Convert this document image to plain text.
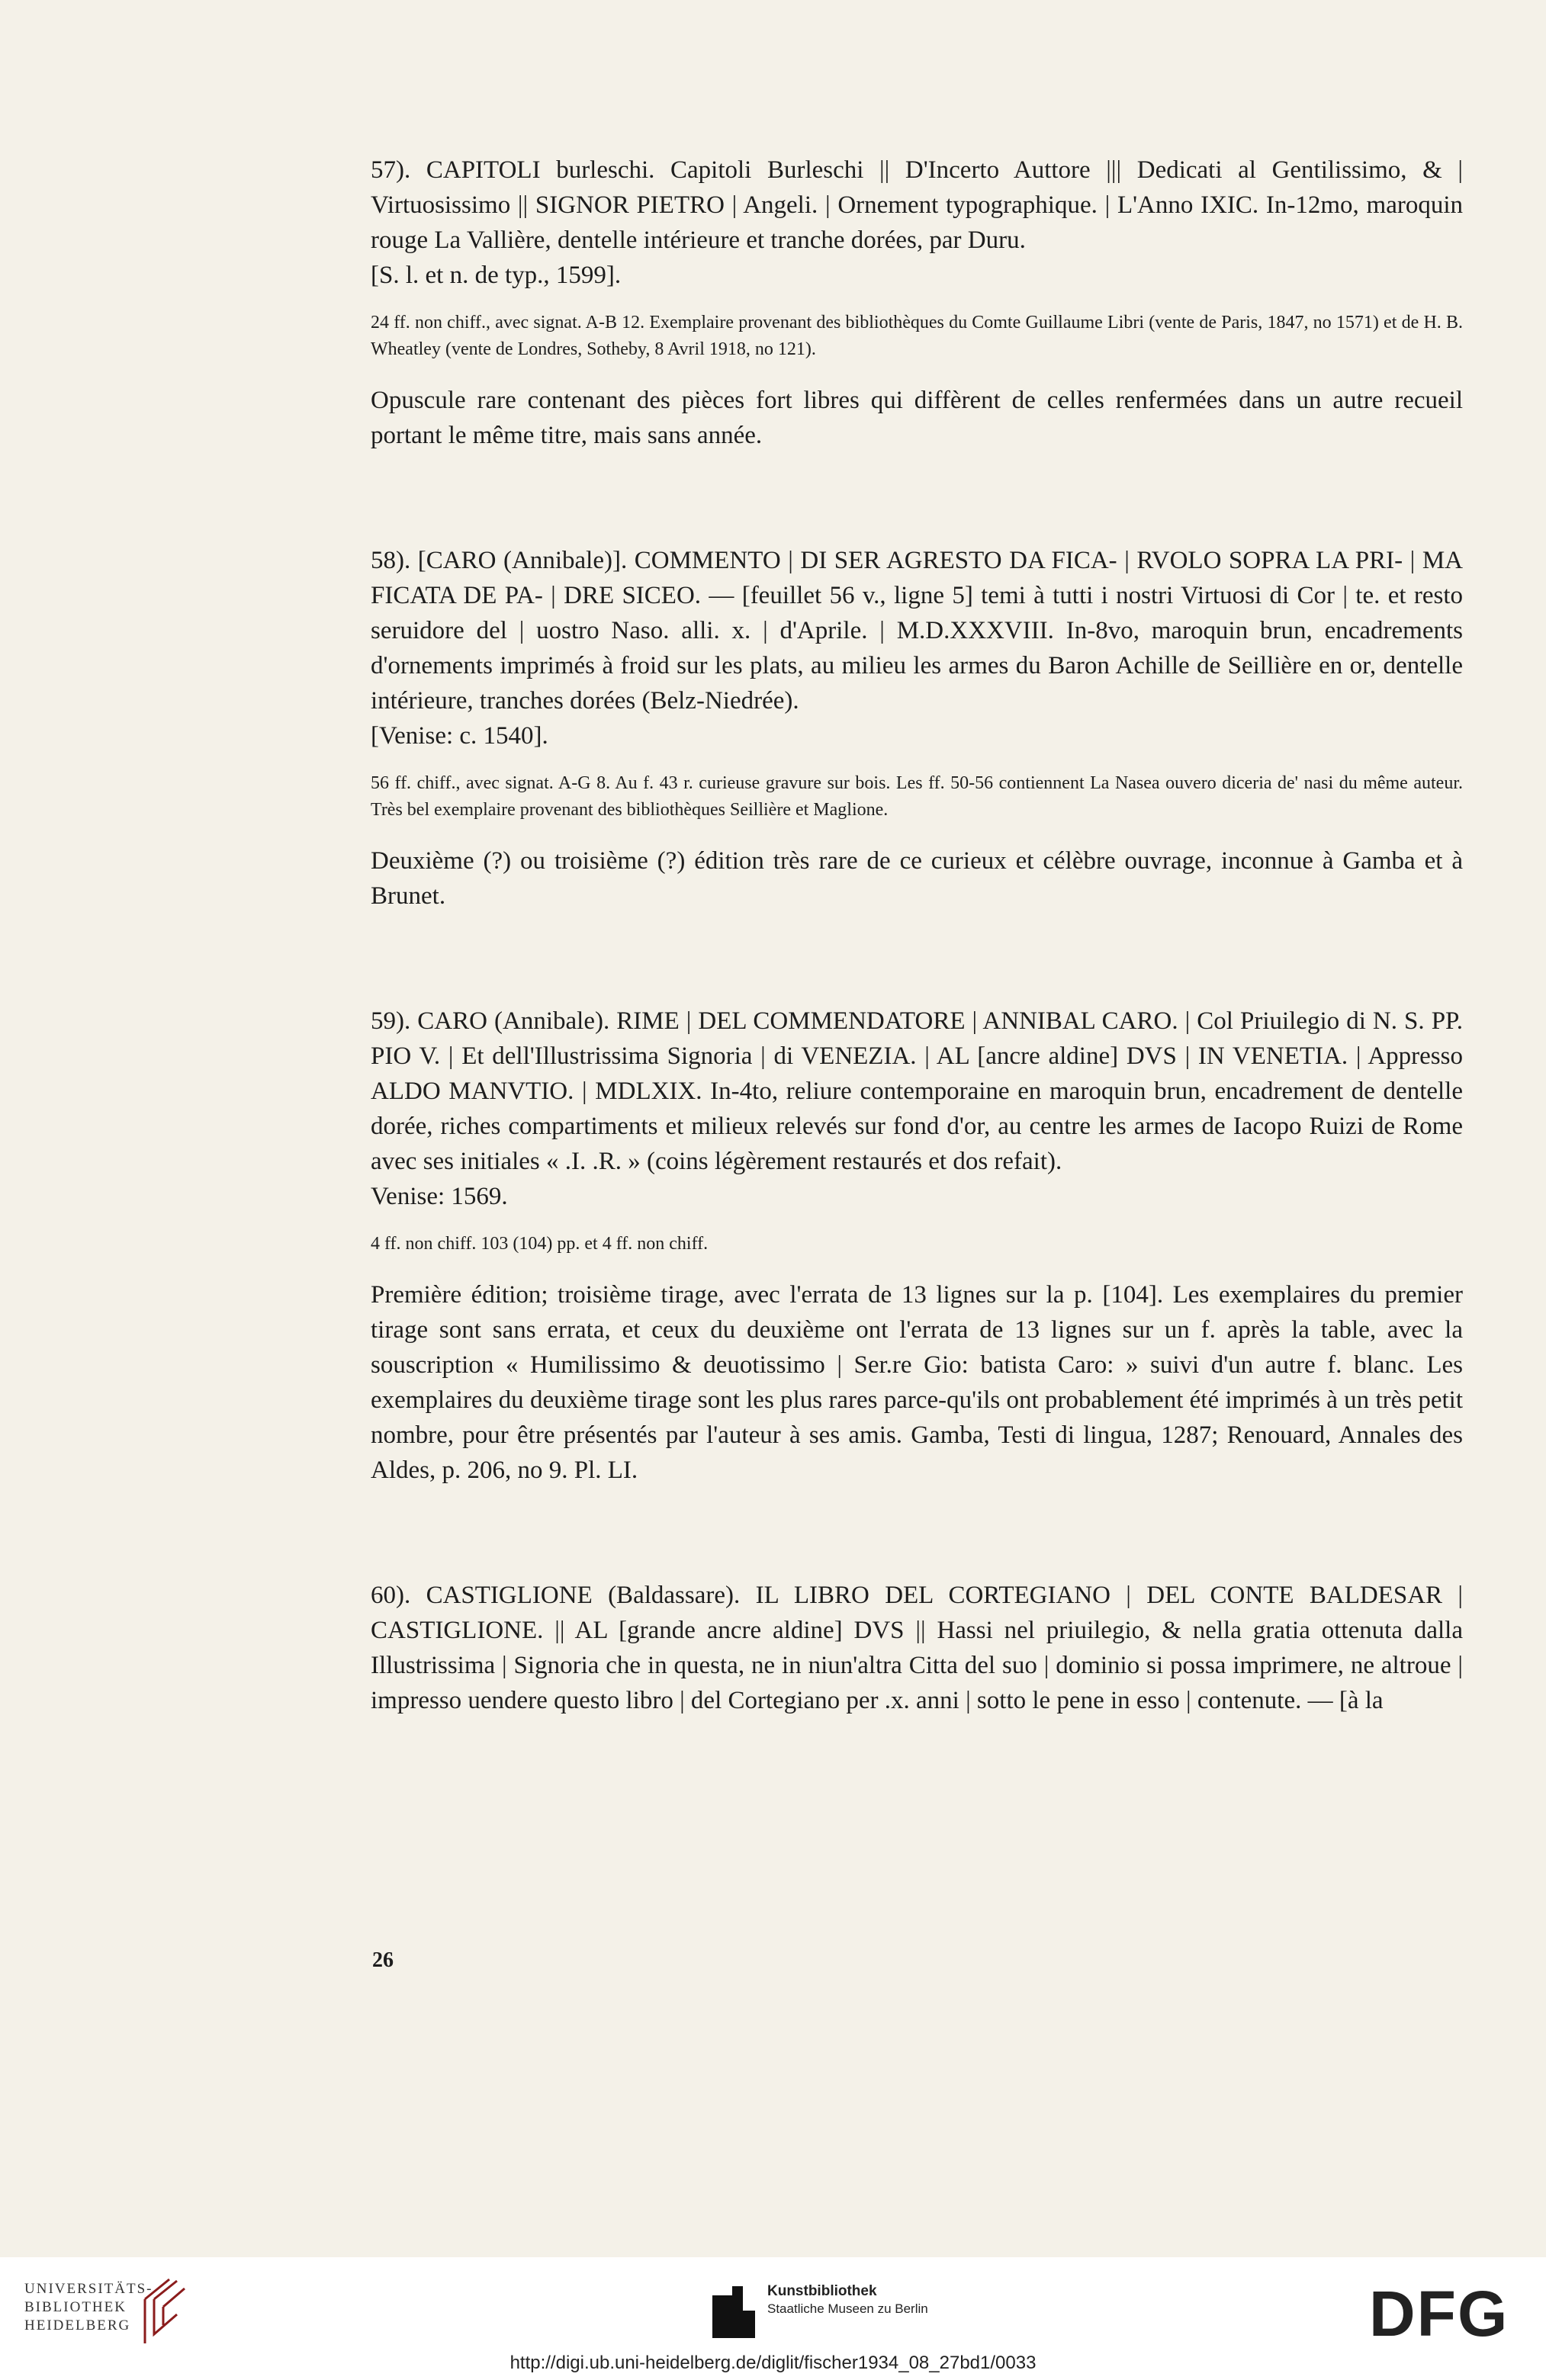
57). CAPITOLI burleschi. Capitoli Burleschi || D'Incerto Auttore ||| Dedicati al Gentilissimo, & | Virtuosissimo || SIGNOR PIETRO | Angeli. | Ornement typographique. | L'Anno IXIC. In-12mo, maroquin rouge La Vallière, dentelle intérieure et tranche dorées, par Duru.

[S. l. et n. de typ., 1599].

24 ff. non chiff., avec signat. A-B 12. Exemplaire provenant des bibliothèques du Comte Guillaume Libri (vente de Paris, 1847, no 1571) et de H. B. Wheatley (vente de Londres, Sotheby, 8 Avril 1918, no 121).

Opuscule rare contenant des pièces fort libres qui diffèrent de celles renfermées dans un autre recueil portant le même titre, mais sans année.

58). [CARO (Annibale)]. COMMENTO | DI SER AGRESTO DA FICA- | RVOLO SOPRA LA PRI- | MA FICATA DE PA- | DRE SICEO. — [feuillet 56 v., ligne 5] temi à tutti i nostri Virtuosi di Cor | te. et resto seruidore del | uostro Naso. alli. x. | d'Aprile. | M.D.XXXVIII. In-8vo, maroquin brun, encadrements d'ornements imprimés à froid sur les plats, au milieu les armes du Baron Achille de Seillière en or, dentelle intérieure, tranches dorées (Belz-Niedrée).

[Venise: c. 1540].

56 ff. chiff., avec signat. A-G 8. Au f. 43 r. curieuse gravure sur bois. Les ff. 50-56 contiennent La Nasea ouvero diceria de' nasi du même auteur. Très bel exemplaire provenant des bibliothèques Seillière et Maglione.

Deuxième (?) ou troisième (?) édition très rare de ce curieux et célèbre ouvrage, inconnue à Gamba et à Brunet.

59). CARO (Annibale). RIME | DEL COMMENDATORE | ANNIBAL CARO. | Col Priuilegio di N. S. PP. PIO V. | Et dell'Illustrissima Signoria | di VENEZIA. | AL [ancre aldine] DVS | IN VENETIA. | Appresso ALDO MANVTIO. | MDLXIX. In-4to, reliure contemporaine en maroquin brun, encadrement de dentelle dorée, riches compartiments et milieux relevés sur fond d'or, au centre les armes de Iacopo Ruizi de Rome avec ses initiales « .I. .R. » (coins légèrement restaurés et dos refait).

Venise: 1569.

4 ff. non chiff. 103 (104) pp. et 4 ff. non chiff.

Première édition; troisième tirage, avec l'errata de 13 lignes sur la p. [104]. Les exemplaires du premier tirage sont sans errata, et ceux du deuxième ont l'errata de 13 lignes sur un f. après la table, avec la souscription « Humilissimo & deuotissimo | Ser.re Gio: batista Caro: » suivi d'un autre f. blanc. Les exemplaires du deuxième tirage sont les plus rares parce-qu'ils ont probablement été imprimés à un très petit nombre, pour être présentés par l'auteur à ses amis. Gamba, Testi di lingua, 1287; Renouard, Annales des Aldes, p. 206, no 9. Pl. LI.

60). CASTIGLIONE (Baldassare). IL LIBRO DEL CORTEGIANO | DEL CONTE BALDESAR | CASTIGLIONE. || AL [grande ancre aldine] DVS || Hassi nel priuilegio, & nella gratia ottenuta dalla Illustrissima | Signoria che in questa, ne in niun'altra Citta del suo | dominio si possa imprimere, ne altroue | impresso uendere questo libro | del Cortegiano per .x. anni | sotto le pene in esso | contenute. — [à la

26
UNIVERSITÄTS-
BIBLIOTHEK
HEIDELBERG
Kunstbibliothek
Staatliche Museen zu Berlin	DFG
http://digi.ub.uni-heidelberg.de/diglit/fischer1934_08_27bd1/0033
